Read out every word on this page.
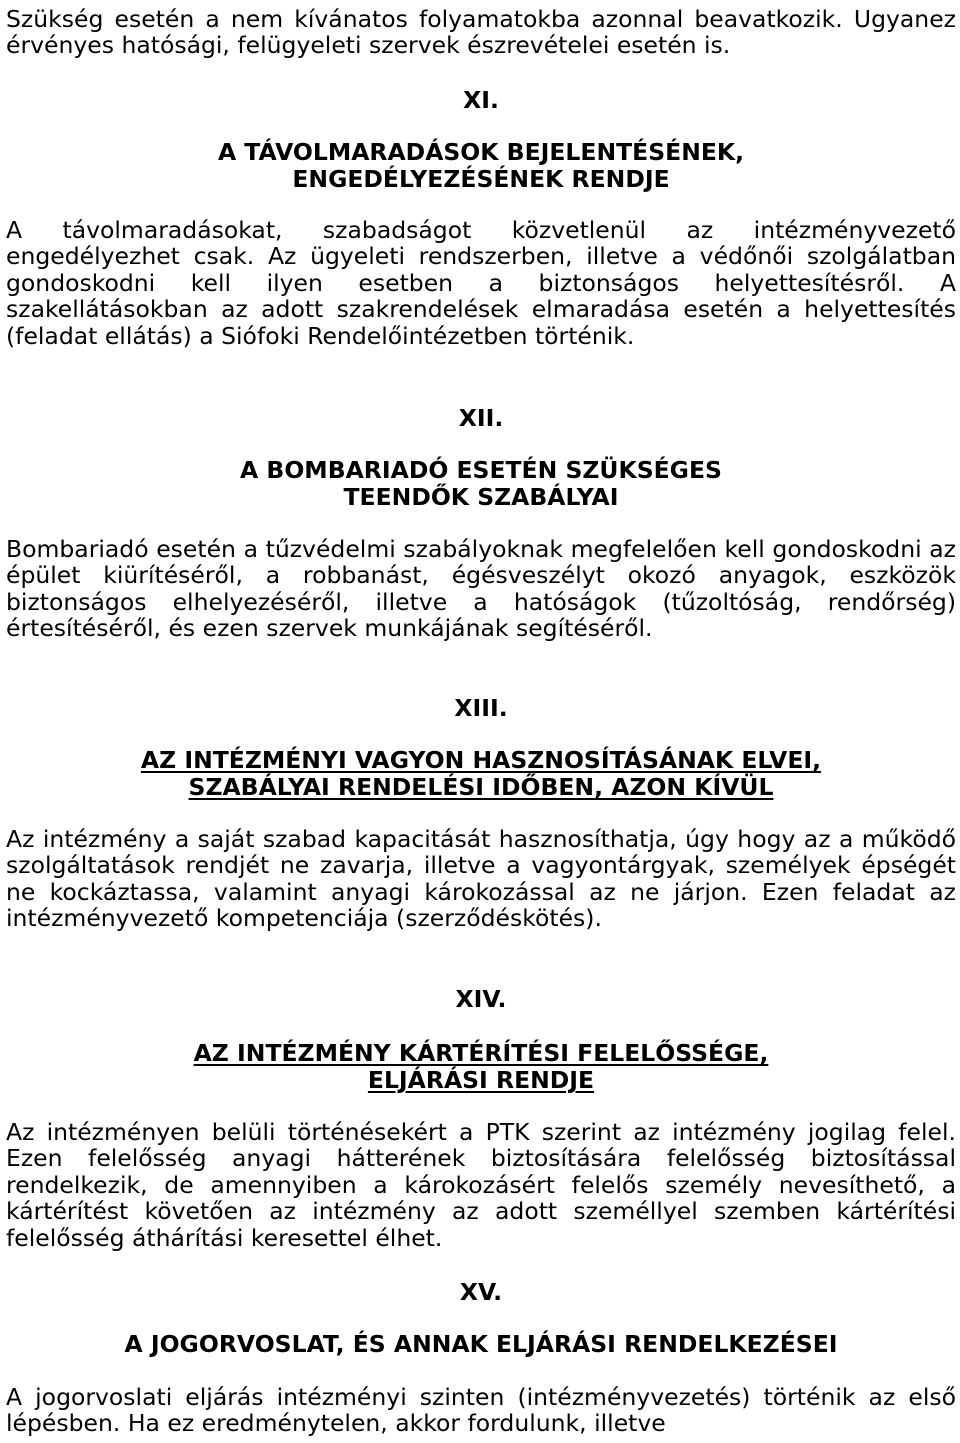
Szükség esetén a nem kívánatos folyamatokba azonnal beavatkozik. Ugyanez érvényes hatósági, felügyeleti szervek észrevételei esetén is.

XI.

A TÁVOLMARADÁSOK BEJELENTÉSÉNEK,
ENGEDÉLYEZÉSÉNEK RENDJE

A távolmaradásokat, szabadságot közvetlenül az intézményvezető engedélyezhet csak. Az ügyeleti rendszerben, illetve a védőnői szolgálatban gondoskodni kell ilyen esetben a biztonságos helyettesítésről. A szakellátásokban az adott szakrendelések elmaradása esetén a helyettesítés (feladat ellátás) a Siófoki Rendelőintézetben történik.

XII.

A BOMBARIADÓ ESETÉN SZÜKSÉGES
TEENDŐK SZABÁLYAI

Bombariadó esetén a tűzvédelmi szabályoknak megfelelően kell gondoskodni az épület kiürítéséről, a robbanást, égésveszélyt okozó anyagok, eszközök biztonságos elhelyezéséről, illetve a hatóságok (tűzoltóság, rendőrség) értesítéséről, és ezen szervek munkájának segítéséről.

XIII.

AZ INTÉZMÉNYI VAGYON HASZNOSÍTÁSÁNAK ELVEI,
SZABÁLYAI RENDELÉSI IDŐBEN, AZON KÍVÜL

Az intézmény a saját szabad kapacitását hasznosíthatja, úgy hogy az a működő szolgáltatások rendjét ne zavarja, illetve a vagyontárgyak, személyek épségét ne kockáztassa, valamint anyagi károkozással az ne járjon. Ezen feladat az intézményvezető kompetenciája (szerződéskötés).

XIV.

AZ INTÉZMÉNY KÁRTÉRÍTÉSI FELELŐSSÉGE,
ELJÁRÁSI RENDJE

Az intézményen belüli történésekért a PTK szerint az intézmény jogilag felel. Ezen felelősség anyagi hátterének biztosítására felelősség biztosítással rendelkezik, de amennyiben a károkozásért felelős személy nevesíthető, a kártérítést követően az intézmény az adott személlyel szemben kártérítési felelősség áthárítási keresettel élhet.

XV.

A JOGORVOSLAT, ÉS ANNAK ELJÁRÁSI RENDELKEZÉSEI

A jogorvoslati eljárás intézményi szinten (intézményvezetés) történik az első lépésben. Ha ez eredménytelen, akkor fordulunk, illetve
